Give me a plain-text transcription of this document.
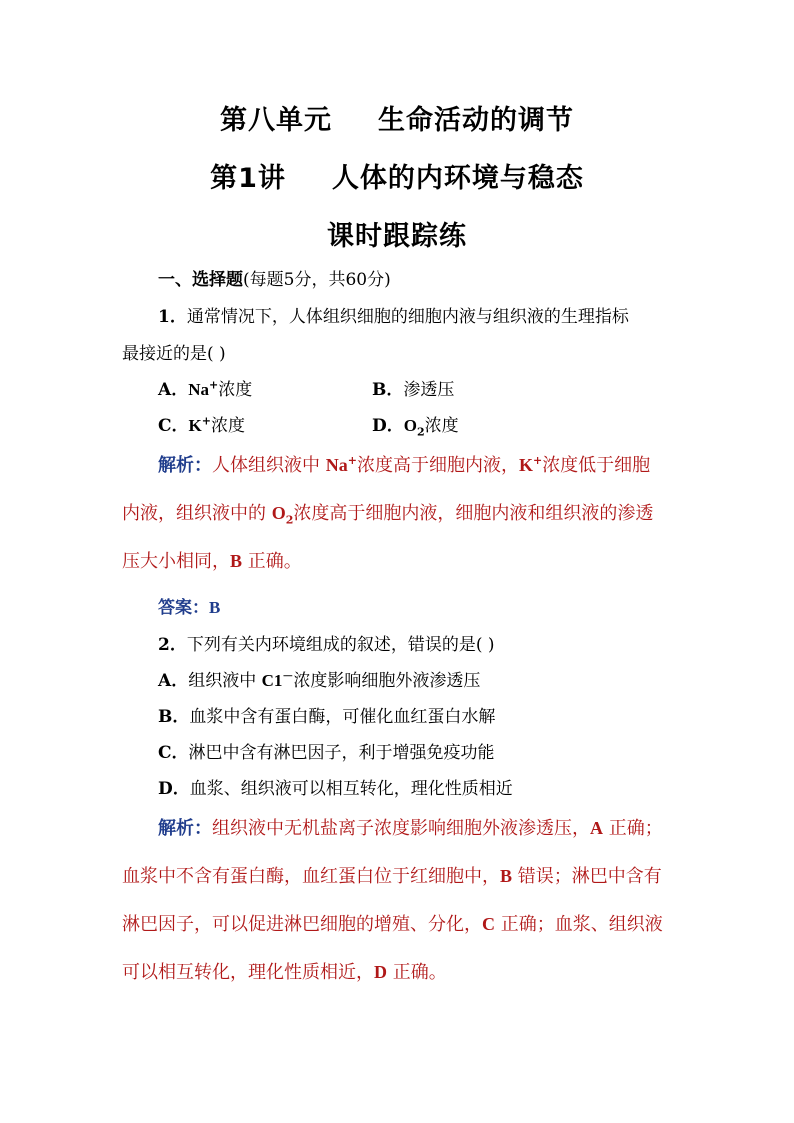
第八单元 生命活动的调节
第1讲 人体的内环境与稳态
课时跟踪练
一、选择题(每题5分，共60分)
1．通常情况下，人体组织细胞的细胞内液与组织液的生理指标
最接近的是( )
A．Na+浓度	B．渗透压
C．K+浓度	D．$O_2$浓度
解析：人体组织液中 Na+浓度高于细胞内液，K+浓度低于细胞
内液，组织液中的 $O_2$浓度高于细胞内液，细胞内液和组织液的渗透
压大小相同，B 正确。
答案：B
2．下列有关内环境组成的叙述，错误的是( )
A．组织液中 C1－浓度影响细胞外液渗透压
B．血浆中含有蛋白酶，可催化血红蛋白水解
C．淋巴中含有淋巴因子，利于增强免疫功能
D．血浆、组织液可以相互转化，理化性质相近
解析：组织液中无机盐离子浓度影响细胞外液渗透压，A 正确；
血浆中不含有蛋白酶，血红蛋白位于红细胞中，B 错误；淋巴中含有
淋巴因子，可以促进淋巴细胞的增殖、分化，C 正确；血浆、组织液
可以相互转化，理化性质相近，D 正确。
